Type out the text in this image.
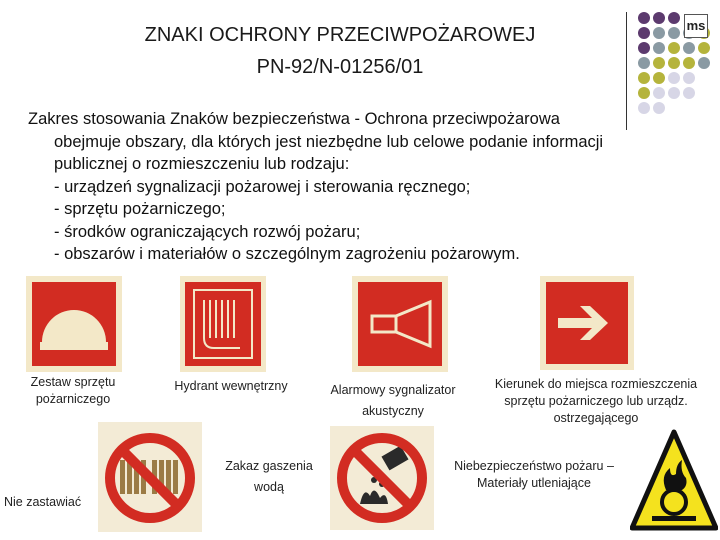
ZNAKI OCHRONY PRZECIWPOŻAROWEJ
PN-92/N-01256/01
ms
Zakres stosowania Znaków bezpieczeństwa - Ochrona przeciwpożarowa
obejmuje obszary, dla których jest niezbędne lub celowe podanie informacji
publicznej o rozmieszczeniu lub rodzaju:
- urządzeń sygnalizacji pożarowej i sterowania ręcznego;
- sprzętu pożarniczego;
- środków ograniczających rozwój pożaru;
- obszarów i materiałów o szczególnym zagrożeniu pożarowym.
Zestaw sprzętu
pożarniczego
Hydrant wewnętrzny	Alarmowy sygnalizator
akustyczny
Kierunek do miejsca rozmieszczenia
sprzętu pożarniczego lub urządz.
ostrzegającego
Nie zastawiać
Zakaz gaszenia
wodą
Niebezpieczeństwo pożaru –
Materiały utleniające
